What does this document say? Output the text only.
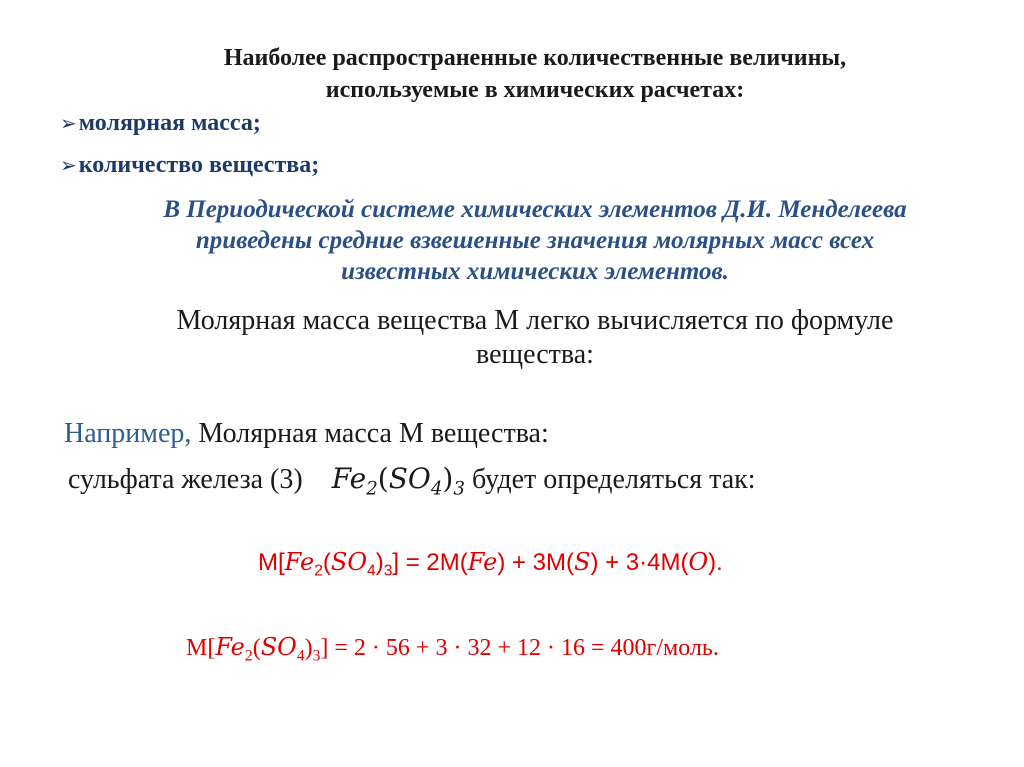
Наиболее распространенные количественные величины,
используемые в химических расчетах:
➢молярная масса;
➢количество вещества;
В Периодической системе химических элементов Д.И. Менделеева
приведены средние взвешенные значения молярных масс всех
известных химических элементов.
Молярная масса вещества М легко вычисляется по формуле
вещества:
Например, Молярная масса М вещества:
сульфата железа (3) $Fe_2(SO_4)_3$ будет определяться так:
$M[Fe_2(SO_4)_3] = 2M(Fe) + 3M(S) + 3\cdot 4M(O)$.
$M[Fe_2(SO_4)_3] = 2 \cdot 56 + 3 \cdot 32 + 12 \cdot 16$ = 400г/моль.
